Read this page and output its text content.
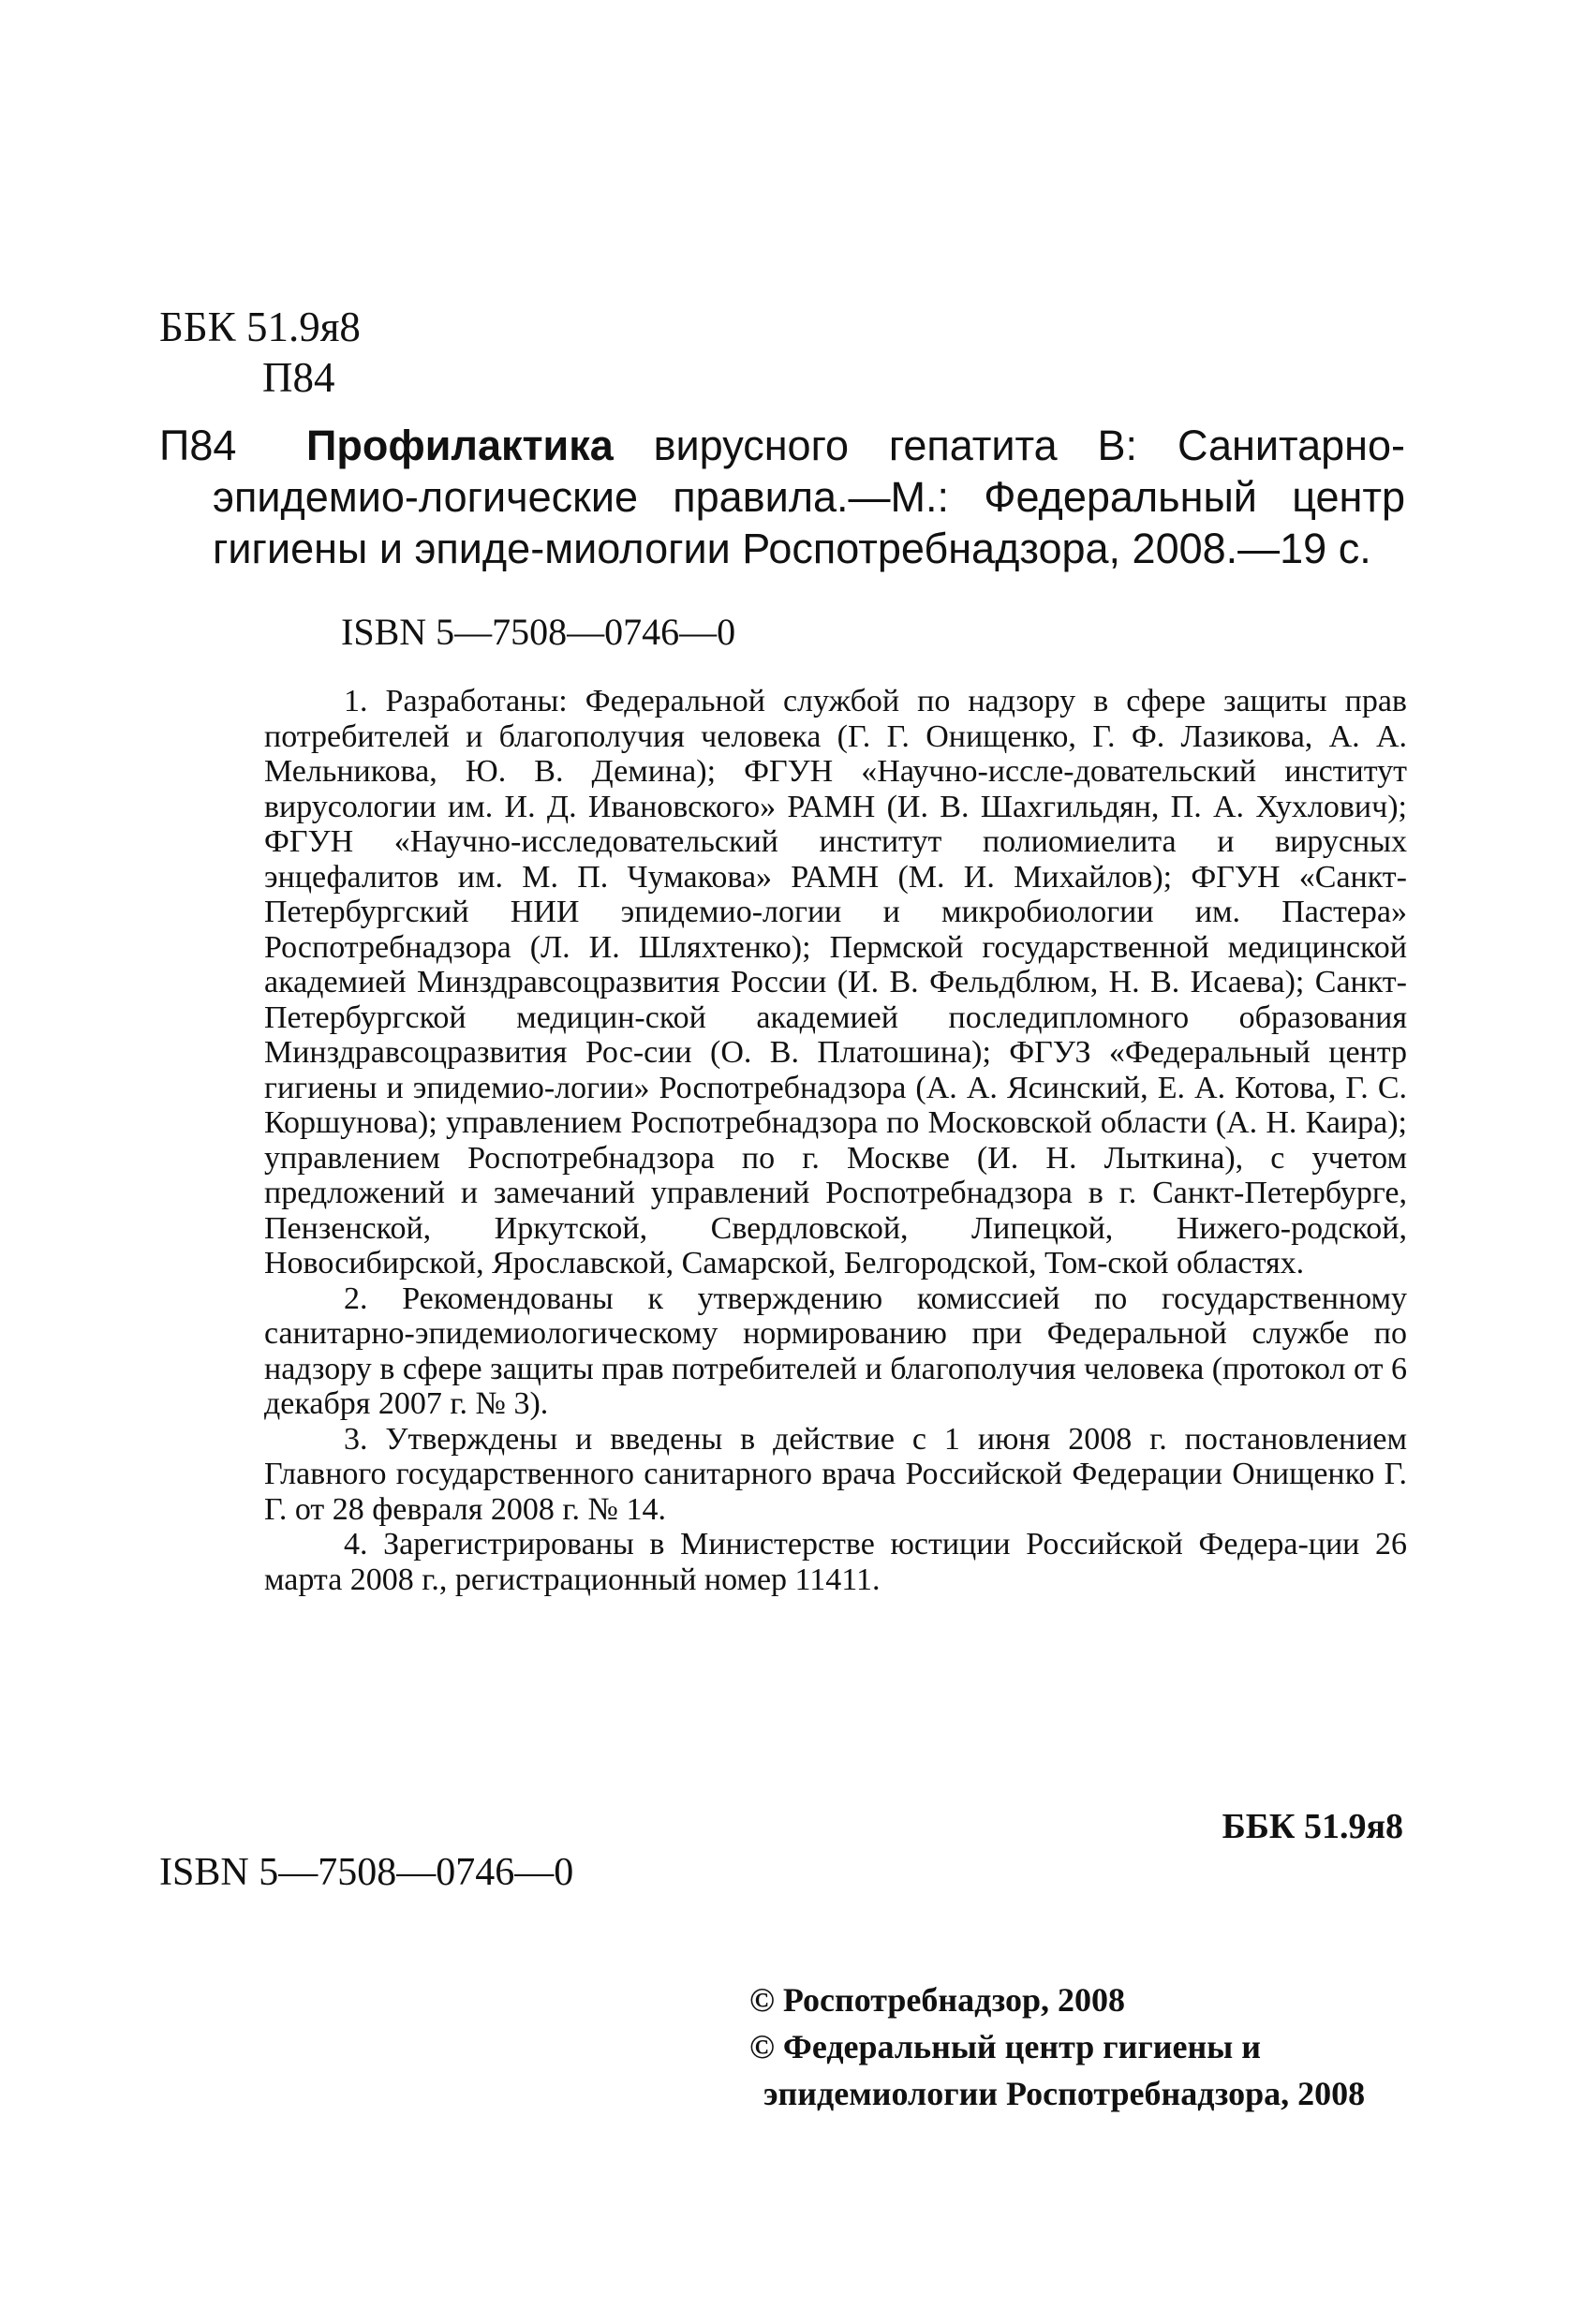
ББК 51.9я8
П84
П84	Профилактика вирусного гепатита В: Санитарно-эпидемио-логические правила.—М.: Федеральный центр гигиены и эпиде-миологии Роспотребнадзора, 2008.—19 с.

ISBN 5—7508—0746—0

1. Разработаны: Федеральной службой по надзору в сфере защиты прав потребителей и благополучия человека (Г. Г. Онищенко, Г. Ф. Лазикова, А. А. Мельникова, Ю. В. Демина); ФГУН «Научно-иссле-довательский институт вирусологии им. И. Д. Ивановского» РАМН (И. В. Шахгильдян, П. А. Хухлович); ФГУН «Научно-исследовательский институт полиомиелита и вирусных энцефалитов им. М. П. Чумакова» РАМН (М. И. Михайлов); ФГУН «Санкт-Петербургский НИИ эпидемио-логии и микробиологии им. Пастера» Роспотребнадзора (Л. И. Шляхтенко); Пермской государственной медицинской академией Минздравсоцразвития России (И. В. Фельдблюм, Н. В. Исаева); Санкт-Петербургской медицин-ской академией последипломного образования Минздравсоцразвития Рос-сии (О. В. Платошина); ФГУЗ «Федеральный центр гигиены и эпидемио-логии» Роспотребнадзора (А. А. Ясинский, Е. А. Котова, Г. С. Коршунова); управлением Роспотребнадзора по Московской области (А. Н. Каира); управлением Роспотребнадзора по г. Москве (И. Н. Лыткина), с учетом предложений и замечаний управлений Роспотребнадзора в г. Санкт-Петербурге, Пензенской, Иркутской, Свердловской, Липецкой, Нижего-родской, Новосибирской, Ярославской, Самарской, Белгородской, Том-ской областях.

2. Рекомендованы к утверждению комиссией по государственному санитарно-эпидемиологическому нормированию при Федеральной службе по надзору в сфере защиты прав потребителей и благополучия человека (протокол от 6 декабря 2007 г. № 3).

3. Утверждены и введены в действие с 1 июня 2008 г. постановлением Главного государственного санитарного врача Российской Федерации Онищенко Г. Г. от 28 февраля 2008 г. № 14.

4. Зарегистрированы в Министерстве юстиции Российской Федера-ции 26 марта 2008 г., регистрационный номер 11411.

ББК 51.9я8
ISBN 5—7508—0746—0
© Роспотребнадзор, 2008
© Федеральный центр гигиены и
эпидемиологии Роспотребнадзора, 2008
